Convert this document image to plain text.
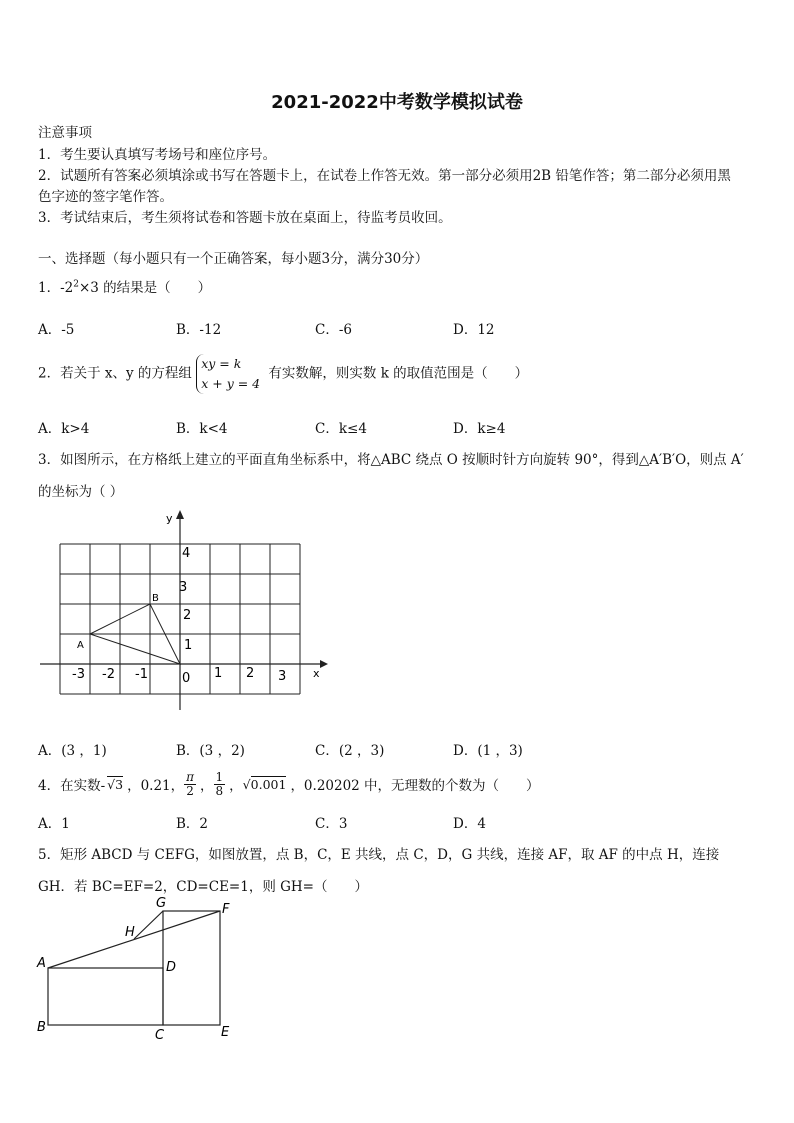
2021-2022中考数学模拟试卷
注意事项
1．考生要认真填写考场号和座位序号。
2．试题所有答案必须填涂或书写在答题卡上，在试卷上作答无效。第一部分必须用2B 铅笔作答；第二部分必须用黑
色字迹的签字笔作答。
3．考试结束后，考生须将试卷和答题卡放在桌面上，待监考员收回。
一、选择题（每小题只有一个正确答案，每小题3分，满分30分）
1．$-2^2\times 3$ 的结果是（　　）
A．-5	B．-12	C．-6	D．12
2．若关于 x、y 的方程组
xy = k
x + y = 4
有实数解，则实数 k 的取值范围是（　　）
A．k>4	B．k<4	C．k≤4	D．k≥4
3．如图所示，在方格纸上建立的平面直角坐标系中，将△ABC 绕点 O 按顺时针方向旋转 90°，得到△A′B′O，则点 A′
的坐标为（ ）
y
x
4
3
2
1
-3 -2 -1	0 1 2 3
A
B
A．(3 ，1)	B．(3 ，2)	C．(2 ，3)	D．(1 ，3)
4．在实数- √3 ，0.21， $\frac{\pi}{2}$ ， $\frac{1}{8}$ ， √0.001 ，0.20202 中，无理数的个数为（　　）
A．1	B．2	C．3	D．4
5．矩形 ABCD 与 CEFG，如图放置，点 B，C，E 共线，点 C，D，G 共线，连接 AF，取 AF 的中点 H，连接
GH．若 BC=EF=2，CD=CE=1，则 GH=（　　）
A
B
C
D
E
F
G
H
